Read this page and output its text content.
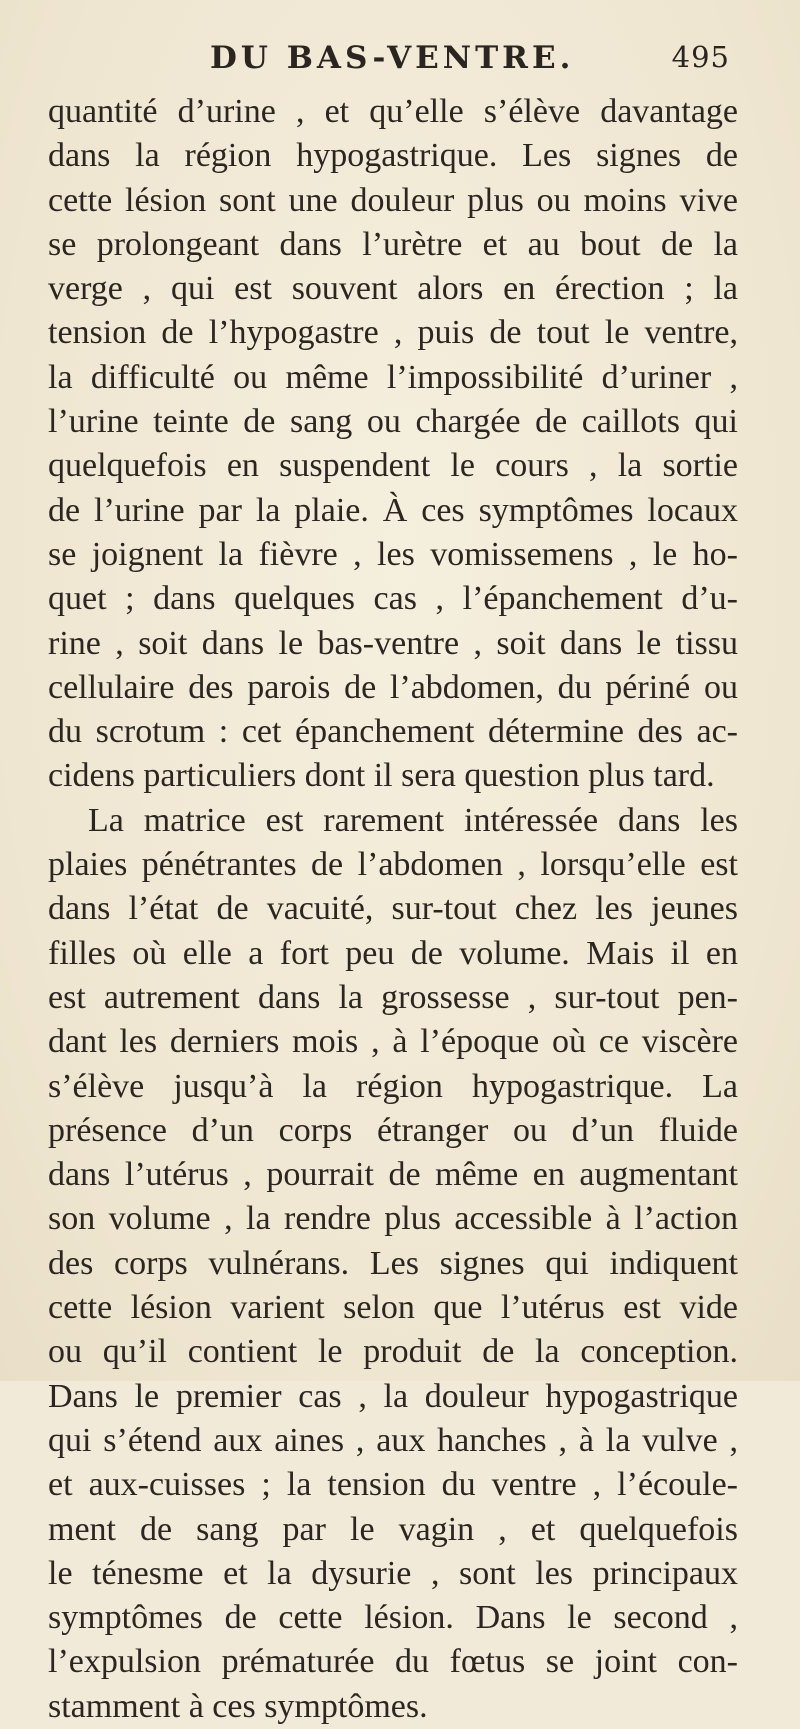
DU BAS-VENTRE.	495
quantité d’urine , et qu’elle s’élève davantage
dans la région hypogastrique. Les signes de
cette lésion sont une douleur plus ou moins vive
se prolongeant dans l’urètre et au bout de la
verge , qui est souvent alors en érection ; la
tension de l’hypogastre , puis de tout le ventre,
la difficulté ou même l’impossibilité d’uriner ,
l’urine teinte de sang ou chargée de caillots qui
quelquefois en suspendent le cours , la sortie
de l’urine par la plaie. À ces symptômes locaux
se joignent la fièvre , les vomissemens , le ho-
quet ; dans quelques cas , l’épanchement d’u-
rine , soit dans le bas-ventre , soit dans le tissu
cellulaire des parois de l’abdomen, du périné ou
du scrotum : cet épanchement détermine des ac-
cidens particuliers dont il sera question plus tard.
La matrice est rarement intéressée dans les
plaies pénétrantes de l’abdomen , lorsqu’elle est
dans l’état de vacuité, sur-tout chez les jeunes
filles où elle a fort peu de volume. Mais il en
est autrement dans la grossesse , sur-tout pen-
dant les derniers mois , à l’époque où ce viscère
s’élève jusqu’à la région hypogastrique. La
présence d’un corps étranger ou d’un fluide
dans l’utérus , pourrait de même en augmentant
son volume , la rendre plus accessible à l’action
des corps vulnérans. Les signes qui indiquent
cette lésion varient selon que l’utérus est vide
ou qu’il contient le produit de la conception.
Dans le premier cas , la douleur hypogastrique
qui s’étend aux aines , aux hanches , à la vulve ,
et aux-cuisses ; la tension du ventre , l’écoule-
ment de sang par le vagin , et quelquefois
le ténesme et la dysurie , sont les principaux
symptômes de cette lésion. Dans le second ,
l’expulsion prématurée du fœtus se joint con-
stamment à ces symptômes.
